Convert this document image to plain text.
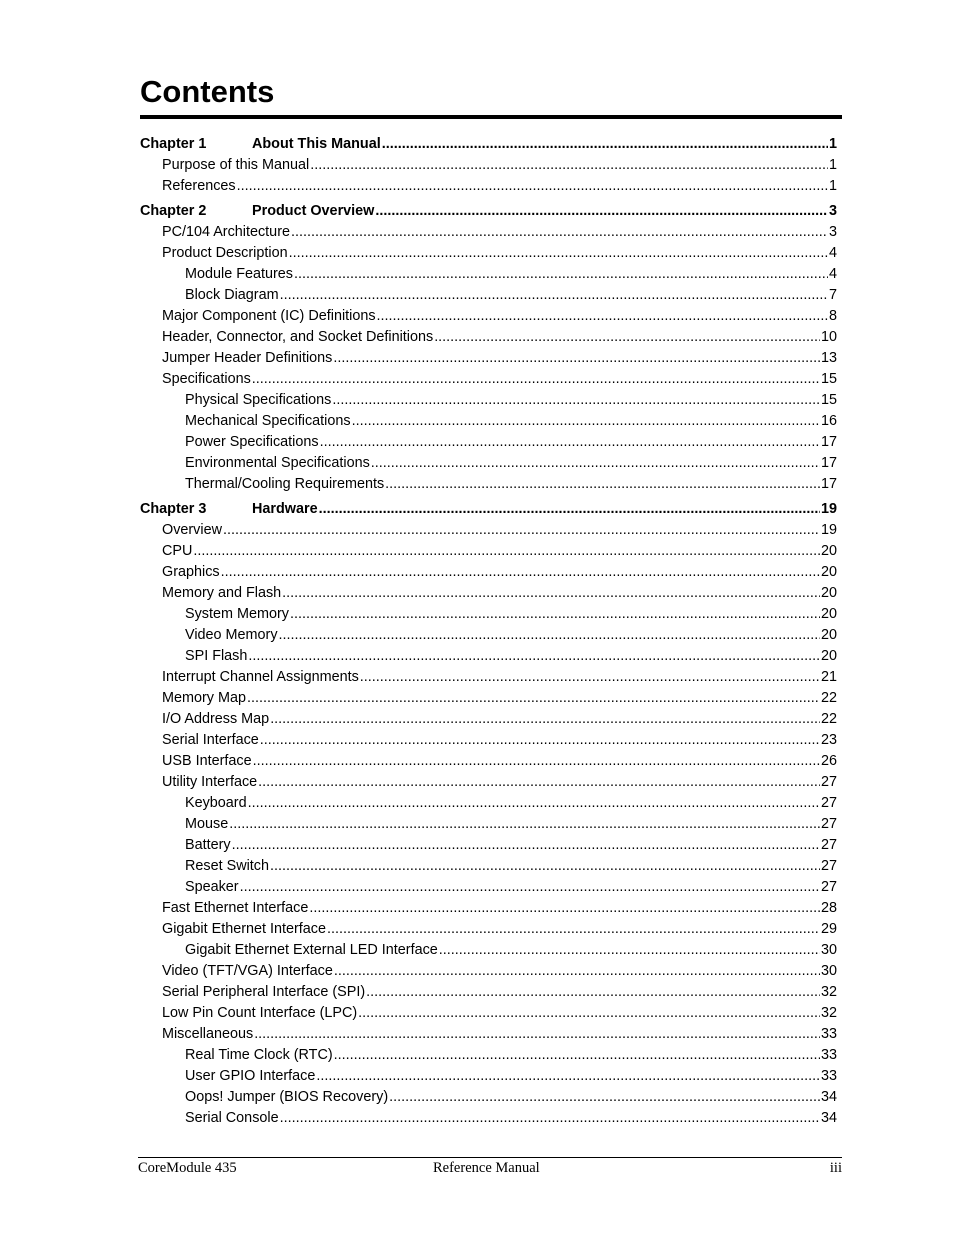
Contents
Chapter 1	About This Manual .....	1
Purpose of this Manual .....	1
References .....	1
Chapter 2	Product Overview .....	3
PC/104 Architecture .....	3
Product Description .....	4
Module Features .....	4
Block Diagram .....	7
Major Component (IC) Definitions .....	8
Header, Connector, and Socket Definitions .....	10
Jumper Header Definitions .....	13
Specifications .....	15
Physical Specifications .....	15
Mechanical Specifications .....	16
Power Specifications .....	17
Environmental Specifications .....	17
Thermal/Cooling Requirements .....	17
Chapter 3	Hardware .....	19
Overview .....	19
CPU .....	20
Graphics .....	20
Memory and Flash .....	20
System Memory .....	20
Video Memory .....	20
SPI Flash .....	20
Interrupt Channel Assignments .....	21
Memory Map .....	22
I/O Address Map .....	22
Serial Interface .....	23
USB Interface .....	26
Utility Interface .....	27
Keyboard .....	27
Mouse .....	27
Battery .....	27
Reset Switch .....	27
Speaker .....	27
Fast Ethernet Interface .....	28
Gigabit Ethernet Interface .....	29
Gigabit Ethernet External LED Interface .....	30
Video (TFT/VGA) Interface .....	30
Serial Peripheral Interface (SPI) .....	32
Low Pin Count Interface (LPC) .....	32
Miscellaneous .....	33
Real Time Clock (RTC) .....	33
User GPIO Interface .....	33
Oops! Jumper (BIOS Recovery) .....	34
Serial Console .....	34
CoreModule 435	Reference Manual	iii
